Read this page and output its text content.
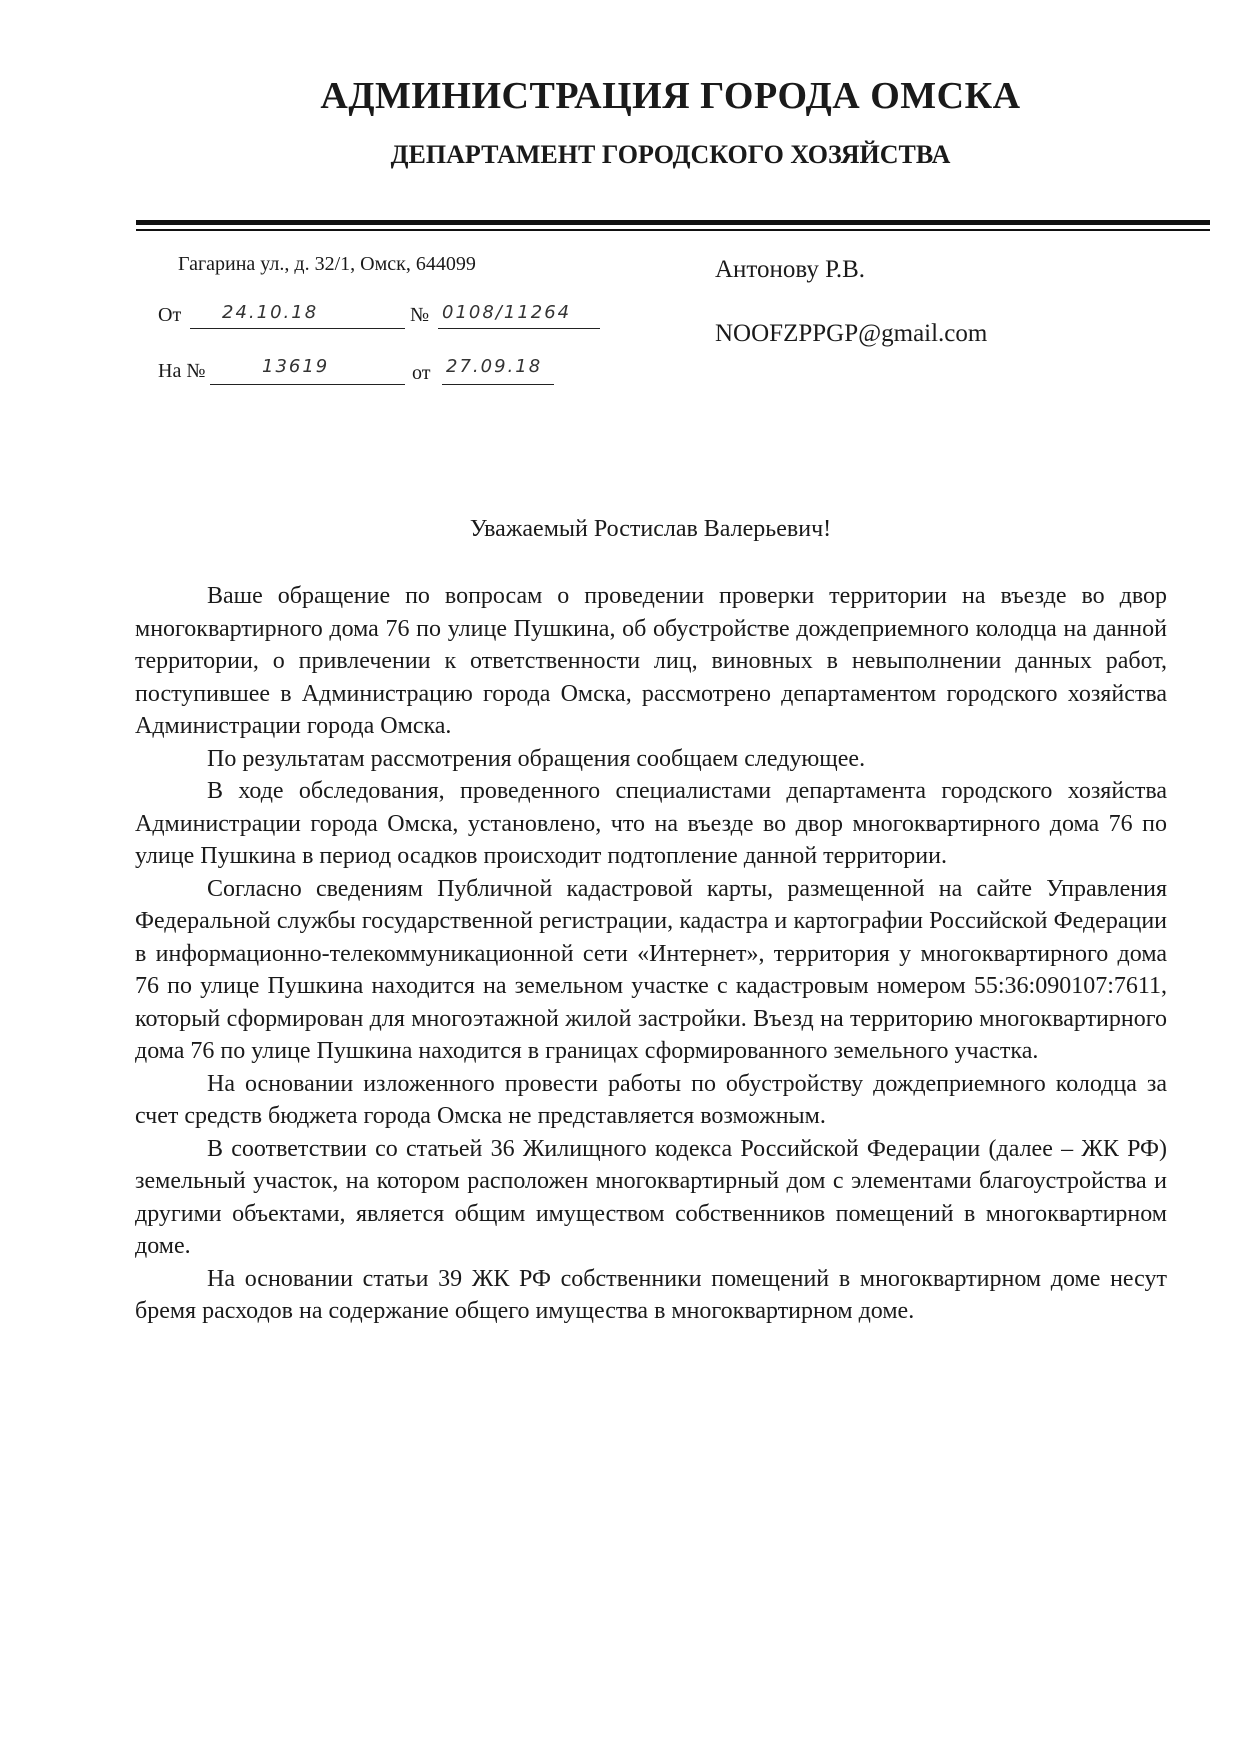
АДМИНИСТРАЦИЯ ГОРОДА ОМСКА
ДЕПАРТАМЕНТ ГОРОДСКОГО ХОЗЯЙСТВА
Гагарина ул., д. 32/1, Омск, 644099
От 24.10.18	№ 0108/11264
На №	13619	от 27.09.18
Антонову Р.В.
NOOFZPPGP@gmail.com
Уважаемый Ростислав Валерьевич!

Ваше обращение по вопросам о проведении проверки территории на въезде во двор многоквартирного дома 76 по улице Пушкина, об обустройстве дождеприемного колодца на данной территории, о привлечении к ответственности лиц, виновных в невыполнении данных работ, поступившее в Администрацию города Омска, рассмотрено департаментом городского хозяйства Администрации города Омска.

По результатам рассмотрения обращения сообщаем следующее.

В ходе обследования, проведенного специалистами департамента городского хозяйства Администрации города Омска, установлено, что на въезде во двор многоквартирного дома 76 по улице Пушкина в период осадков происходит подтопление данной территории.

Согласно сведениям Публичной кадастровой карты, размещенной на сайте Управления Федеральной службы государственной регистрации, кадастра и картографии Российской Федерации в информационно-телекоммуникационной сети «Интернет», территория у многоквартирного дома 76 по улице Пушкина находится на земельном участке с кадастровым номером 55:36:090107:7611, который сформирован для многоэтажной жилой застройки. Въезд на территорию многоквартирного дома 76 по улице Пушкина находится в границах сформированного земельного участка.

На основании изложенного провести работы по обустройству дождеприемного колодца за счет средств бюджета города Омска не представляется возможным.

В соответствии со статьей 36 Жилищного кодекса Российской Федерации (далее – ЖК РФ) земельный участок, на котором расположен многоквартирный дом с элементами благоустройства и другими объектами, является общим имуществом собственников помещений в многоквартирном доме.

На основании статьи 39 ЖК РФ собственники помещений в многоквартирном доме несут бремя расходов на содержание общего имущества в многоквартирном доме.
